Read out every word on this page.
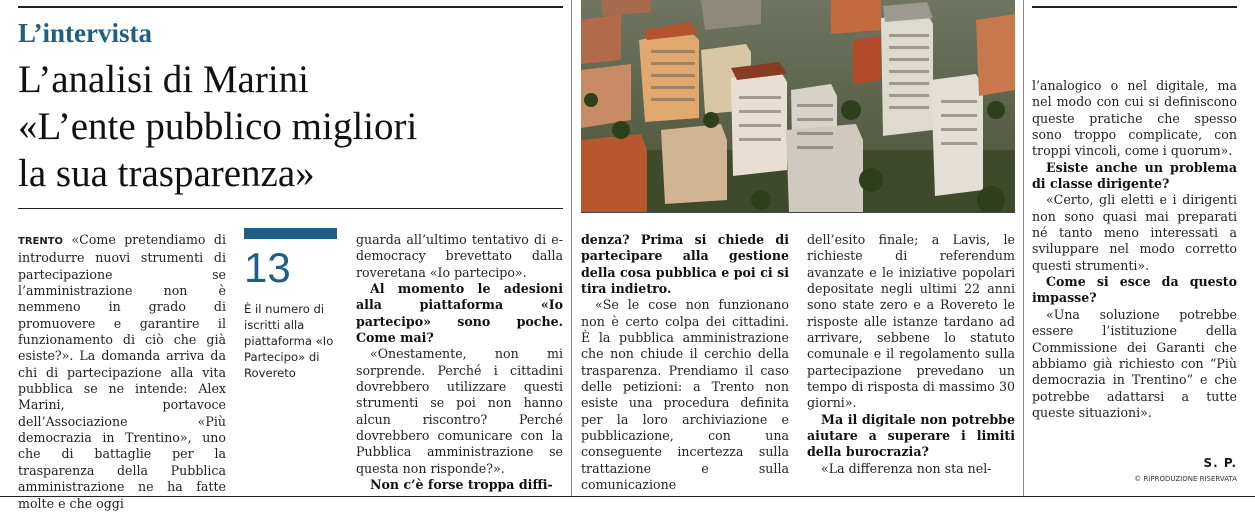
L’intervista
L’analisi di Marini
«L’ente pubblico migliori
la sua trasparenza»

TRENTO «Come pretendiamo di introdurre nuovi strumenti di partecipazione se l’amministrazione non è nemmeno in grado di promuovere e garantire il funzionamento di ciò che già esiste?». La domanda arriva da chi di partecipazione alla vita pubblica se ne intende: Alex Marini, portavoce dell’Associazione «Più democrazia in Trentino», uno che di battaglie per la trasparenza della Pubblica amministrazione ne ha fatte molte e che oggi

13
È il numero di iscritti alla piattaforma «Io Partecipo» di Rovereto

guarda all’ultimo tentativo di e-democracy brevettato dalla roveretana «Io partecipo».

Al momento le adesioni alla piattaforma «Io partecipo» sono poche. Come mai?

«Onestamente, non mi sorprende. Perché i cittadini dovrebbero utilizzare questi strumenti se poi non hanno alcun riscontro? Perché dovrebbero comunicare con la Pubblica amministrazione se questa non risponde?».

Non c’è forse troppa diffi-

denza? Prima si chiede di partecipare alla gestione della cosa pubblica e poi ci si tira indietro.

«Se le cose non funzionano non è certo colpa dei cittadini. È la pubblica amministrazione che non chiude il cerchio della trasparenza. Prendiamo il caso delle petizioni: a Trento non esiste una procedura definita per la loro archiviazione e pubblicazione, con una conseguente incertezza sulla trattazione e sulla comunicazione

dell’esito finale; a Lavis, le richieste di referendum avanzate e le iniziative popolari depositate negli ultimi 22 anni sono state zero e a Rovereto le risposte alle istanze tardano ad arrivare, sebbene lo statuto comunale e il regolamento sulla partecipazione prevedano un tempo di risposta di massimo 30 giorni».

Ma il digitale non potrebbe aiutare a superare i limiti della burocrazia?

«La differenza non sta nel-

l’analogico o nel digitale, ma nel modo con cui si definiscono queste pratiche che spesso sono troppo complicate, con troppi vincoli, come i quorum».

Esiste anche un problema di classe dirigente?

«Certo, gli eletti e i dirigenti non sono quasi mai preparati né tanto meno interessati a sviluppare nel modo corretto questi strumenti».

Come si esce da questo impasse?

«Una soluzione potrebbe essere l’istituzione della Commissione dei Garanti che abbiamo già richiesto con “Più democrazia in Trentino” e che potrebbe adattarsi a tutte queste situazioni».

S. P.
© RIPRODUZIONE RISERVATA
